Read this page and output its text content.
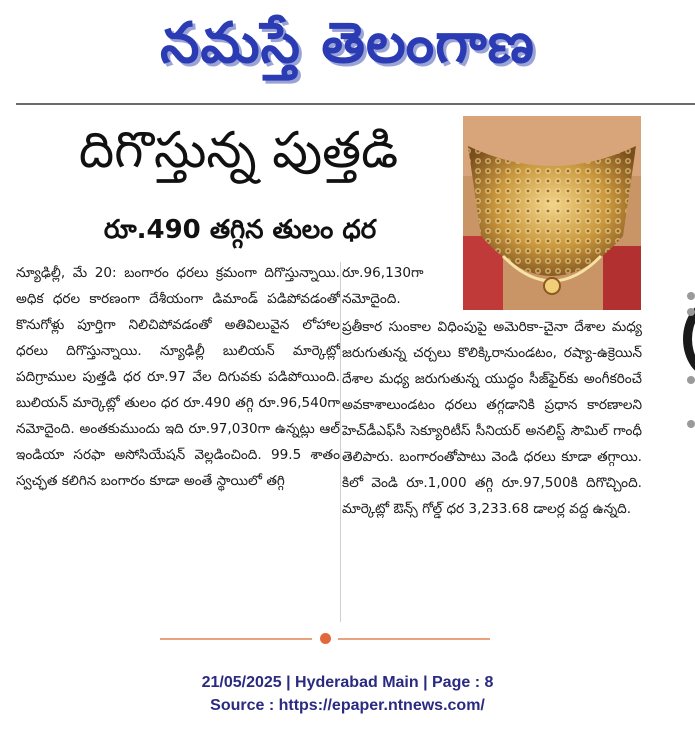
నమస్తే తెలంగాణ
దిగొస్తున్న పుత్తడి
రూ.490 తగ్గిన తులం ధర
న్యూఢిల్లీ, మే 20: బంగారం ధరలు క్రమంగా దిగొస్తున్నాయి. అధిక ధరల కారణంగా దేశీయంగా డిమాండ్ పడిపోవడంతో కొనుగోళ్లు పూర్తిగా నిలిచిపోవడంతో అతివిలువైన లోహాల ధరలు దిగొస్తున్నాయి. న్యూఢిల్లీ బులియన్ మార్కెట్లో పదిగ్రాముల పుత్తడి ధర రూ.97 వేల దిగువకు పడిపోయింది. బులియన్ మార్కెట్లో తులం ధర రూ.490 తగ్గి రూ.96,540గా నమోదైంది. అంతకుముందు ఇది రూ.97,030గా ఉన్నట్లు ఆల్ ఇండియా సరఫా అసోసియేషన్ వెల్లడించింది. 99.5 శాతం స్వచ్ఛత కలిగిన బంగారం కూడా అంతే స్థాయిలో తగ్గి
రూ.96,130గా నమోదైంది.
ప్రతీకార సుంకాల విధింపుపై అమెరికా-చైనా దేశాల మధ్య జరుగుతున్న చర్చలు కొలిక్కిరానుండటం, రష్యా-ఉక్రెయిన్ దేశాల మధ్య జరుగుతున్న యుద్ధం సీజ్‌ఫైర్‌కు అంగీకరించే అవకాశాలుండటం ధరలు తగ్గడానికి ప్రధాన కారణాలని హెచ్‌డీఎఫ్‌సీ సెక్యూరిటీస్ సీనియర్ అనలిస్ట్ సౌమిల్ గాంధీ తెలిపారు. బంగారంతోపాటు వెండి ధరలు కూడా తగ్గాయి. కిలో వెండి రూ.1,000 తగ్గి రూ.97,500కి దిగొచ్చింది. మార్కెట్లో ఔన్స్ గోల్డ్ ధర 3,233.68 డాలర్ల వద్ద ఉన్నది.
21/05/2025 | Hyderabad Main | Page : 8
Source : https://epaper.ntnews.com/
